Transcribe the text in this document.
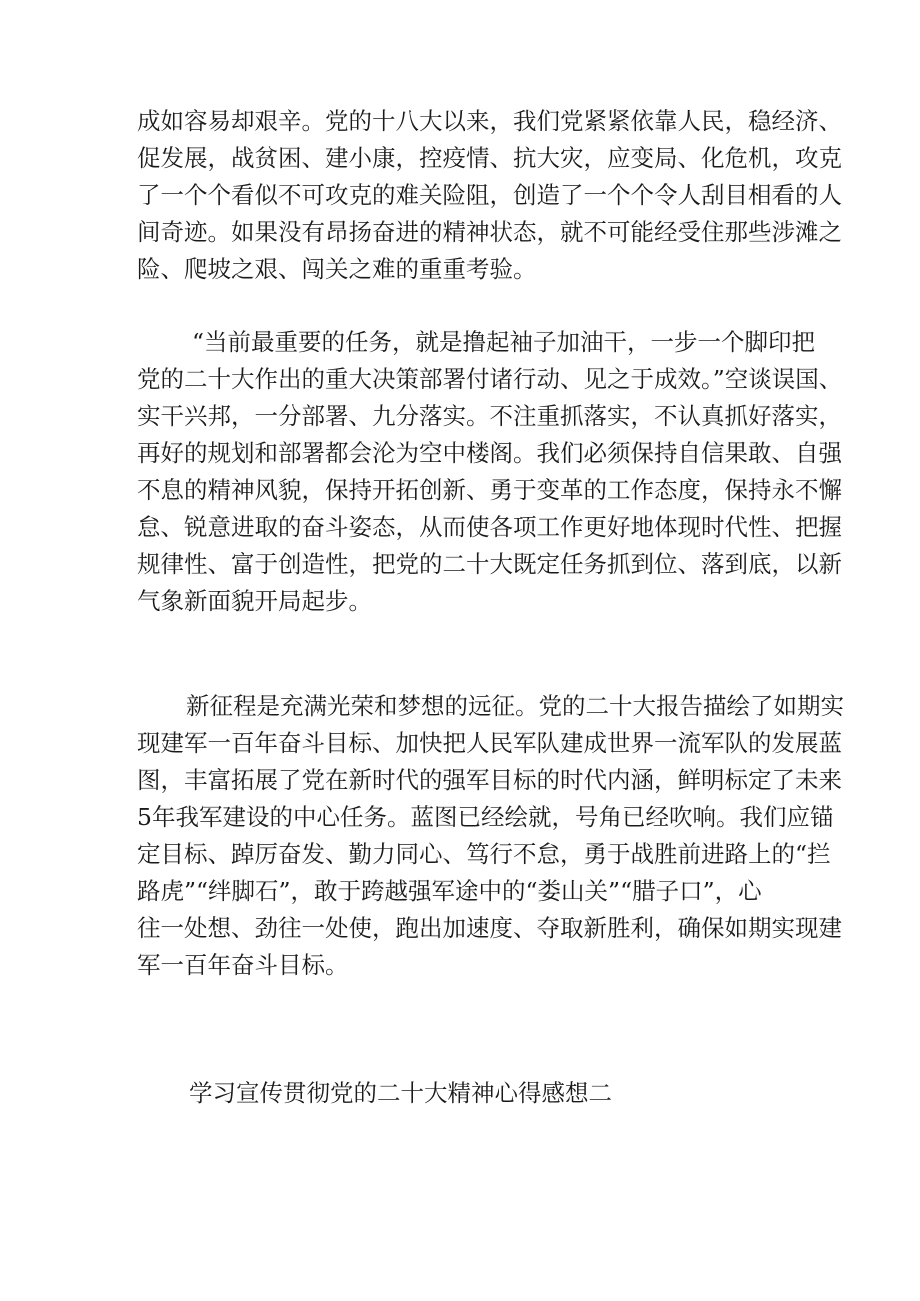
成如容易却艰辛。党的十八大以来，我们党紧紧依靠人民，稳经济、
促发展，战贫困、建小康，控疫情、抗大灾，应变局、化危机，攻克
了一个个看似不可攻克的难关险阻，创造了一个个令人刮目相看的人
间奇迹。如果没有昂扬奋进的精神状态，就不可能经受住那些涉滩之
险、爬坡之艰、闯关之难的重重考验。
“当前最重要的任务，就是撸起袖子加油干，一步一个脚印把
党的二十大作出的重大决策部署付诸行动、见之于成效。”空谈误国、
实干兴邦，一分部署、九分落实。不注重抓落实，不认真抓好落实，
再好的规划和部署都会沦为空中楼阁。我们必须保持自信果敢、自强
不息的精神风貌，保持开拓创新、勇于变革的工作态度，保持永不懈
怠、锐意进取的奋斗姿态，从而使各项工作更好地体现时代性、把握
规律性、富于创造性，把党的二十大既定任务抓到位、落到底，以新
气象新面貌开局起步。
新征程是充满光荣和梦想的远征。党的二十大报告描绘了如期实
现建军一百年奋斗目标、加快把人民军队建成世界一流军队的发展蓝
图，丰富拓展了党在新时代的强军目标的时代内涵，鲜明标定了未来
5年我军建设的中心任务。蓝图已经绘就，号角已经吹响。我们应锚
定目标、踔厉奋发、勤力同心、笃行不怠，勇于战胜前进路上的“拦
路虎”“绊脚石”，敢于跨越强军途中的“娄山关”“腊子口”，心
往一处想、劲往一处使，跑出加速度、夺取新胜利，确保如期实现建
军一百年奋斗目标。
学习宣传贯彻党的二十大精神心得感想二
